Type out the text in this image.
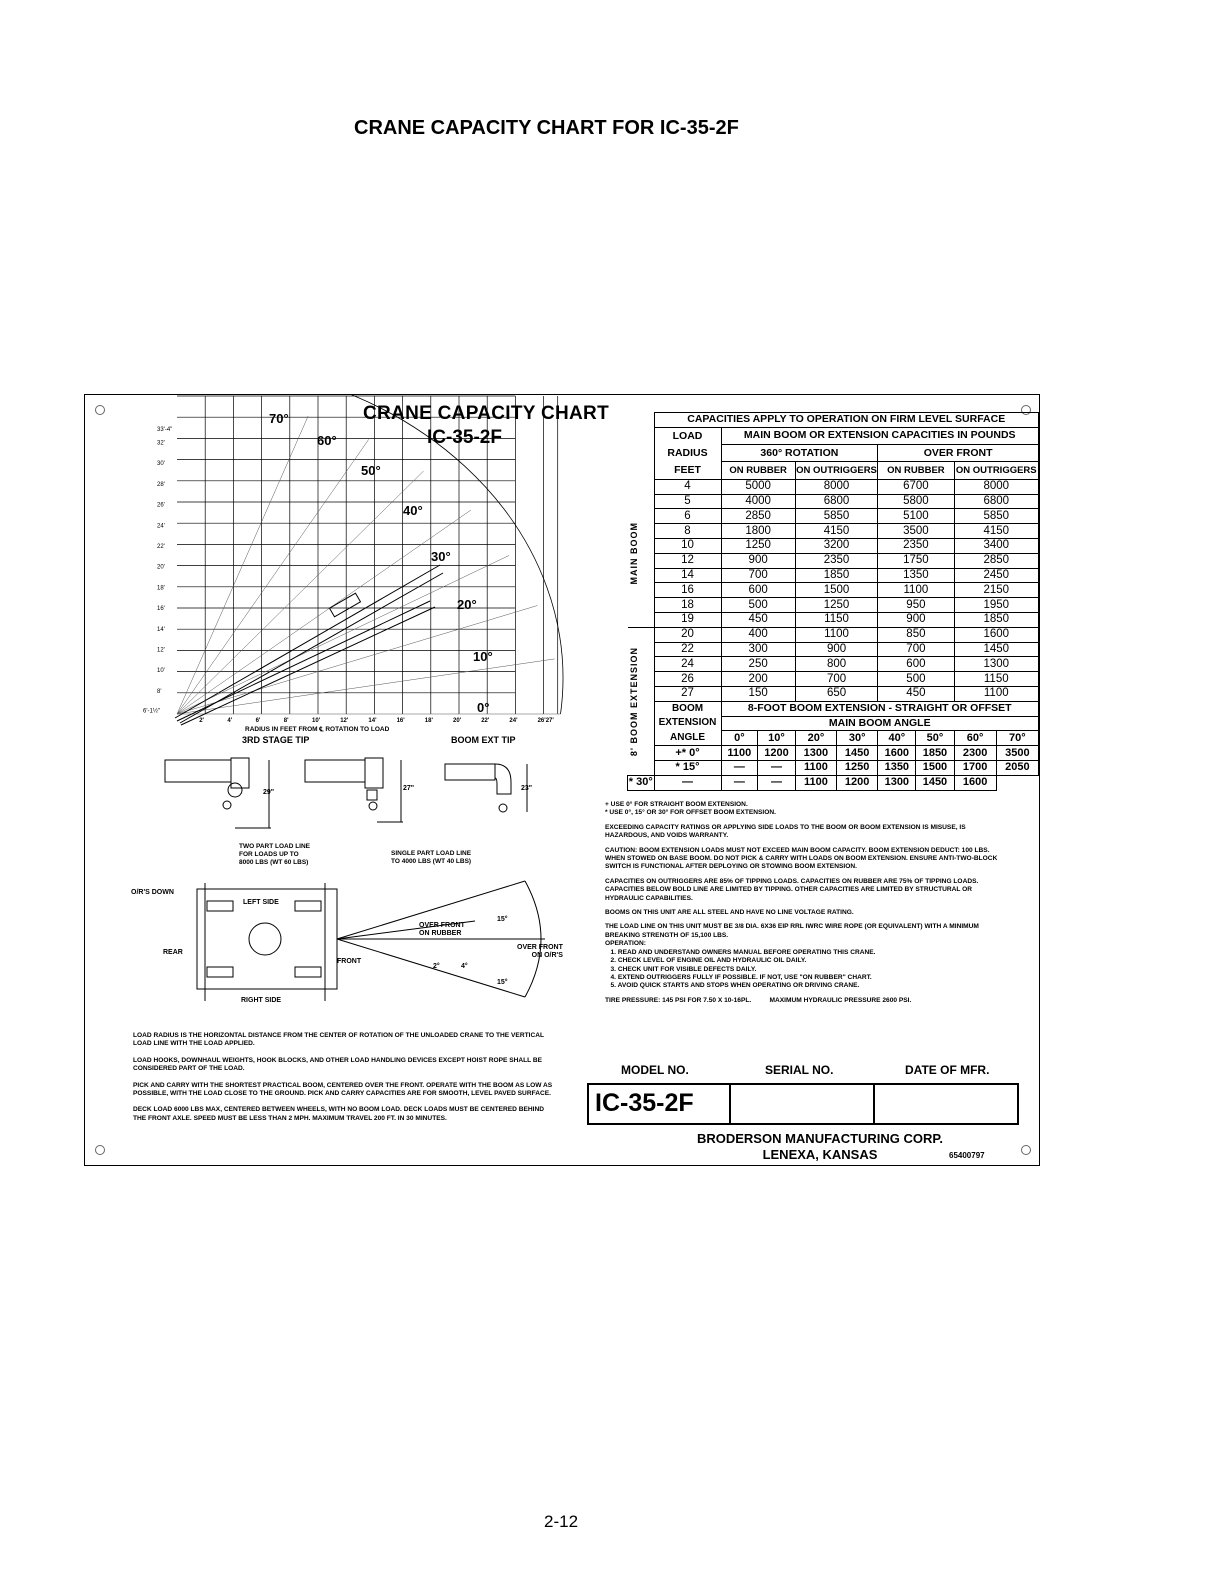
CRANE CAPACITY CHART FOR IC-35-2F
CRANE CAPACITY CHART
IC-35-2F
33'-4"
32'
30'
28'
26'
24'
22'
20'
18'
16'
14'
12'
10'
8'
6'-1½"
2'	4'	6'	8'	10'	12'	14'	16'	18'	20'	22'	24'	26'27'
0°
10°
20°
30°
40°
50°
60°
70°
RADIUS IN FEET FROM ℄ ROTATION TO LOAD
3RD STAGE TIP	BOOM EXT TIP
29"
27"	23"
TWO PART LOAD LINE
FOR LOADS UP TO
8000 LBS (WT 60 LBS)
SINGLE PART LOAD LINE
TO 4000 LBS (WT 40 LBS)
O/R'S DOWN
LEFT SIDE
RIGHT SIDE
REAR
FRONT
OVER FRONT
ON RUBBER
OVER FRONT
ON O/R'S
15°
15°
2°	4°
	CAPACITIES APPLY TO OPERATION ON FIRM LEVEL SURFACE								
	LOAD RADIUS FEET	MAIN BOOM OR EXTENSION CAPACITIES IN POUNDS							
		360° ROTATION				OVER FRONT			
		ON RUBBER		ON OUTRIGGERS		ON RUBBER		ON OUTRIGGERS	

MAIN BOOM	4	5000		8000		6700		8000	
	5	4000		6800		5800		6800	
	6	2850		5850		5100		5850	
	8	1800		4150		3500		4150	
	10	1250		3200		2350		3400	
	12	900		2350		1750		2850	
	14	700		1850		1350		2450	
	16	600		1500		1100		2150	
	18	500		1250		950		1950	
	19	450		1150		900		1850	

8' BOOM EXTENSION	20	400		1100		850		1600	
	22	300		900		700		1450	
	24	250		800		600		1300	
	26	200		700		500		1150	
	27	150		650		450		1100	
	BOOM EXTENSION ANGLE	8-FOOT BOOM EXTENSION - STRAIGHT OR OFFSET							
		MAIN BOOM ANGLE							
		0°	10°	20°	30°	40°	50°	60°	70°
	+* 0°	1100	1200	1300	1450	1600	1850	2300	3500
	* 15°	—	—	1100	1250	1350	1500	1700	2050
* 30°	—	—	—	1100	1200	1300	1450	1600	

+ USE 0° FOR STRAIGHT BOOM EXTENSION.
* USE 0°, 15° OR 30° FOR OFFSET BOOM EXTENSION.

EXCEEDING CAPACITY RATINGS OR APPLYING SIDE LOADS TO THE BOOM OR BOOM EXTENSION IS MISUSE, IS HAZARDOUS, AND VOIDS WARRANTY.

CAUTION: BOOM EXTENSION LOADS MUST NOT EXCEED MAIN BOOM CAPACITY. BOOM EXTENSION DEDUCT: 100 LBS. WHEN STOWED ON BASE BOOM. DO NOT PICK & CARRY WITH LOADS ON BOOM EXTENSION. ENSURE ANTI-TWO-BLOCK SWITCH IS FUNCTIONAL AFTER DEPLOYING OR STOWING BOOM EXTENSION.

CAPACITIES ON OUTRIGGERS ARE 85% OF TIPPING LOADS. CAPACITIES ON RUBBER ARE 75% OF TIPPING LOADS. CAPACITIES BELOW BOLD LINE ARE LIMITED BY TIPPING. OTHER CAPACITIES ARE LIMITED BY STRUCTURAL OR HYDRAULIC CAPABILITIES.

BOOMS ON THIS UNIT ARE ALL STEEL AND HAVE NO LINE VOLTAGE RATING.

THE LOAD LINE ON THIS UNIT MUST BE 3/8 DIA. 6X36 EIP RRL IWRC WIRE ROPE (OR EQUIVALENT) WITH A MINIMUM BREAKING STRENGTH OF 15,100 LBS.
OPERATION:
1. READ AND UNDERSTAND OWNERS MANUAL BEFORE OPERATING THIS CRANE.
2. CHECK LEVEL OF ENGINE OIL AND HYDRAULIC OIL DAILY.
3. CHECK UNIT FOR VISIBLE DEFECTS DAILY.
4. EXTEND OUTRIGGERS FULLY IF POSSIBLE. IF NOT, USE "ON RUBBER" CHART.
5. AVOID QUICK STARTS AND STOPS WHEN OPERATING OR DRIVING CRANE.

TIRE PRESSURE: 145 PSI FOR 7.50 X 10-16PL.          MAXIMUM HYDRAULIC PRESSURE 2600 PSI.

LOAD RADIUS IS THE HORIZONTAL DISTANCE FROM THE CENTER OF ROTATION OF THE UNLOADED CRANE TO THE VERTICAL LOAD LINE WITH THE LOAD APPLIED.

LOAD HOOKS, DOWNHAUL WEIGHTS, HOOK BLOCKS, AND OTHER LOAD HANDLING DEVICES EXCEPT HOIST ROPE SHALL BE CONSIDERED PART OF THE LOAD.

PICK AND CARRY WITH THE SHORTEST PRACTICAL BOOM, CENTERED OVER THE FRONT. OPERATE WITH THE BOOM AS LOW AS POSSIBLE, WITH THE LOAD CLOSE TO THE GROUND. PICK AND CARRY CAPACITIES ARE FOR SMOOTH, LEVEL PAVED SURFACE.

DECK LOAD 6000 LBS MAX, CENTERED BETWEEN WHEELS, WITH NO BOOM LOAD. DECK LOADS MUST BE CENTERED BEHIND THE FRONT AXLE. SPEED MUST BE LESS THAN 2 MPH. MAXIMUM TRAVEL 200 FT. IN 30 MINUTES.

MODEL NO.	SERIAL NO.	DATE OF MFR.
IC-35-2F
BRODERSON MANUFACTURING CORP.
LENEXA, KANSAS	65400797
2-12
